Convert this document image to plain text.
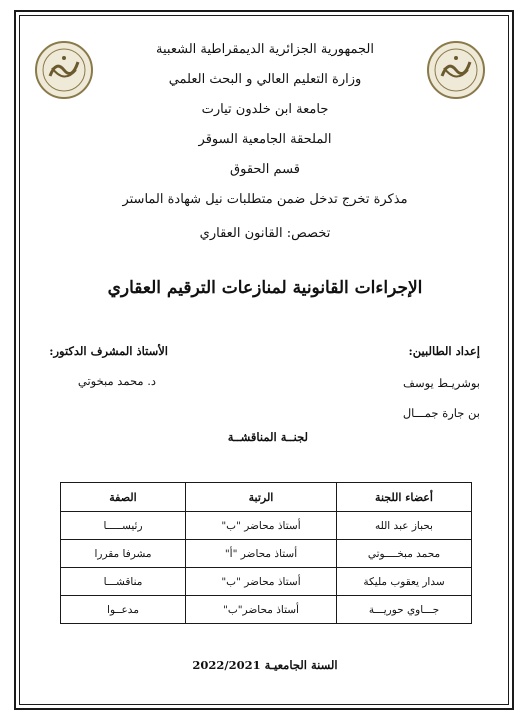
الجمهورية الجزائرية الديمقراطية الشعبية
وزارة التعليم العالي و البحث العلمي
جامعة ابن خلدون تيارت
الملحقة الجامعية السوقر
قسم الحقوق
مذكرة تخرج تدخل ضمن متطلبات نيل شهادة الماستر
تخصص: القانون العقاري
الإجراءات القانونية لمنازعات الترقيم العقاري
إعداد الطالبين:
بوشريـط يوسف
بن جارة جمـــال
الأستاذ المشرف الدكتور:
د. محمد مبخوتي
لجنــة المناقشــة
أعضاء اللجنة	الرتبة	الصفة
بحباز عبد الله	أستاذ محاضر "ب"	رئيســـــا
محمد مبخــــوتي	أستاذ محاضر "أ"	مشرفا مقررا
سدار يعقوب مليكة	أستاذ محاضر "ب"	مناقشـــا
جـــاوي حوريـــة	أستاذ محاضر"ب"	مدعــوا
السنة الجامعيـة 2022/2021
